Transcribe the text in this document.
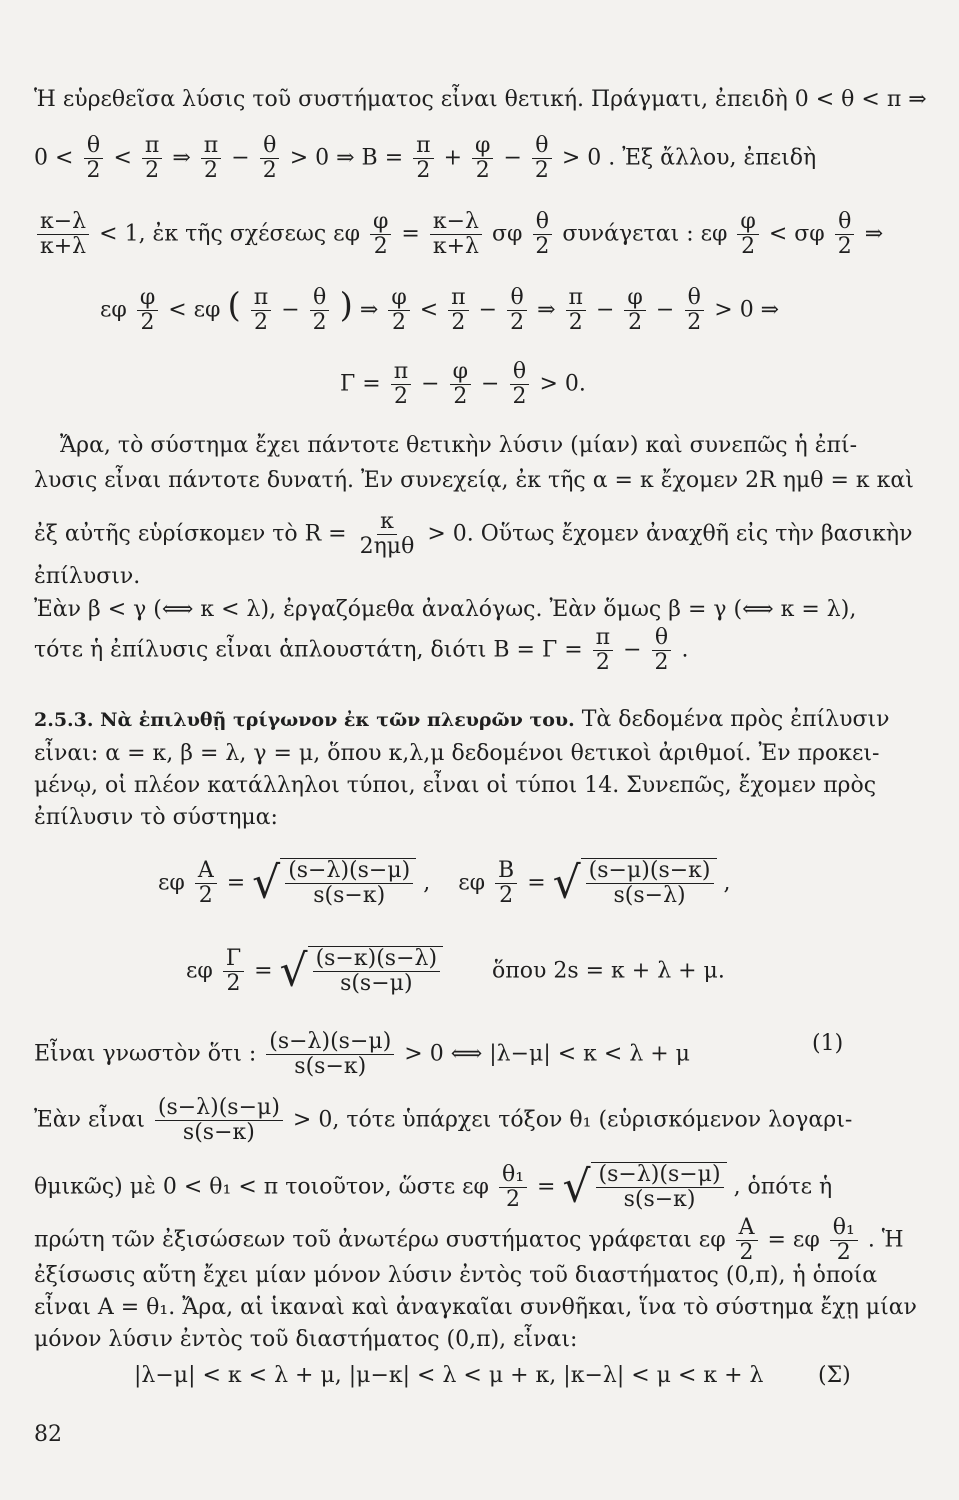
Ἡ εὑρεθεῖσα λύσις τοῦ συστήματος εἶναι θετική. Πράγματι, ἐπειδὴ 0 < θ < π ⇒
$0 < \frac{\theta}{2} < \frac{\pi}{2}$ ⇒ $\frac{\pi}{2} - \frac{\theta}{2} > 0$ ⇒ $B = \frac{\pi}{2} + \frac{\varphi}{2} - \frac{\theta}{2} > 0$ . Ἐξ ἄλλου, ἐπειδὴ
$\frac{\kappa-\lambda}{\kappa+\lambda} < 1$, ἐκ τῆς σχέσεως εφ $\frac{\varphi}{2} = \frac{\kappa-\lambda}{\kappa+\lambda}$ σφ $\frac{\theta}{2}$ συνάγεται : εφ $\frac{\varphi}{2} < \sigma\varphi \frac{\theta}{2}$ ⇒
εφ $\frac{\varphi}{2} < \varepsilon\varphi$ ( $\frac{\pi}{2} - \frac{\theta}{2}$ ) ⇒ $\frac{\varphi}{2} < \frac{\pi}{2} - \frac{\theta}{2}$ ⇒ $\frac{\pi}{2} - \frac{\varphi}{2} - \frac{\theta}{2} > 0$ ⇒
$\Gamma = \frac{\pi}{2} - \frac{\varphi}{2} - \frac{\theta}{2} > 0$.
Ἄρα, τὸ σύστημα ἔχει πάντοτε θετικὴν λύσιν (μίαν) καὶ συνεπῶς ἡ ἐπί-
λυσις εἶναι πάντοτε δυνατή. Ἐν συνεχείᾳ, ἐκ τῆς α = κ ἔχομεν 2R ημθ = κ καὶ
ἐξ αὐτῆς εὑρίσκομεν τὸ $R = \frac{\kappa}{\text{2ημθ}} > 0$. Οὕτως ἔχομεν ἀναχθῆ εἰς τὴν βασικὴν
ἐπίλυσιν.
Ἐὰν β < γ (⟺ κ < λ), ἐργαζόμεθα ἀναλόγως. Ἐὰν ὅμως β = γ (⟺ κ = λ),
τότε ἡ ἐπίλυσις εἶναι ἁπλουστάτη, διότι $B = \Gamma = \frac{\pi}{2} - \frac{\theta}{2}$ .
2.5.3. Νὰ ἐπιλυθῇ τρίγωνον ἐκ τῶν πλευρῶν του. Τὰ δεδομένα πρὸς ἐπίλυσιν
εἶναι: α = κ, β = λ, γ = μ, ὅπου κ,λ,μ δεδομένοι θετικοὶ ἀριθμοί. Ἐν προκει-
μένῳ, οἱ πλέον κατάλληλοι τύποι, εἶναι οἱ τύποι 14. Συνεπῶς, ἔχομεν πρὸς
ἐπίλυσιν τὸ σύστημα:
εφ $\frac{A}{2}$ = √ $\frac{(s-\lambda)(s-\mu)}{s(s-\kappa)}$ , εφ $\frac{B}{2}$ = √ $\frac{(s-\mu)(s-\kappa)}{s(s-\lambda)}$ ,
εφ $\frac{\Gamma}{2}$ = √ $\frac{(s-\kappa)(s-\lambda)}{s(s-\mu)}$ ὅπου 2s = κ + λ + μ.
Εἶναι γνωστὸν ὅτι : $\frac{(s-\lambda)(s-\mu)}{s(s-\kappa)} > 0$ ⟺ |λ−μ| < κ < λ + μ	(1)
Ἐὰν εἶναι $\frac{(s-\lambda)(s-\mu)}{s(s-\kappa)} > 0$, τότε ὑπάρχει τόξον θ₁ (εὑρισκόμενον λογαρι-
θμικῶς) μὲ 0 < θ₁ < π τοιοῦτον, ὥστε εφ $\frac{\text{θ₁}}{2}$ = √ $\frac{(s-\lambda)(s-\mu)}{s(s-\kappa)}$ , ὁπότε ἡ
πρώτη τῶν ἐξισώσεων τοῦ ἀνωτέρω συστήματος γράφεται εφ $\frac{A}{2} = \varepsilon\varphi \frac{\text{θ₁}}{2}$ . Ἡ
ἐξίσωσις αὕτη ἔχει μίαν μόνον λύσιν ἐντὸς τοῦ διαστήματος (0,π), ἡ ὁποία
εἶναι A = θ₁. Ἄρα, αἱ ἱκαναὶ καὶ ἀναγκαῖαι συνθῆκαι, ἵνα τὸ σύστημα ἔχῃ μίαν
μόνον λύσιν ἐντὸς τοῦ διαστήματος (0,π), εἶναι:
|λ−μ| < κ < λ + μ, |μ−κ| < λ < μ + κ, |κ−λ| < μ < κ + λ (Σ)
82
